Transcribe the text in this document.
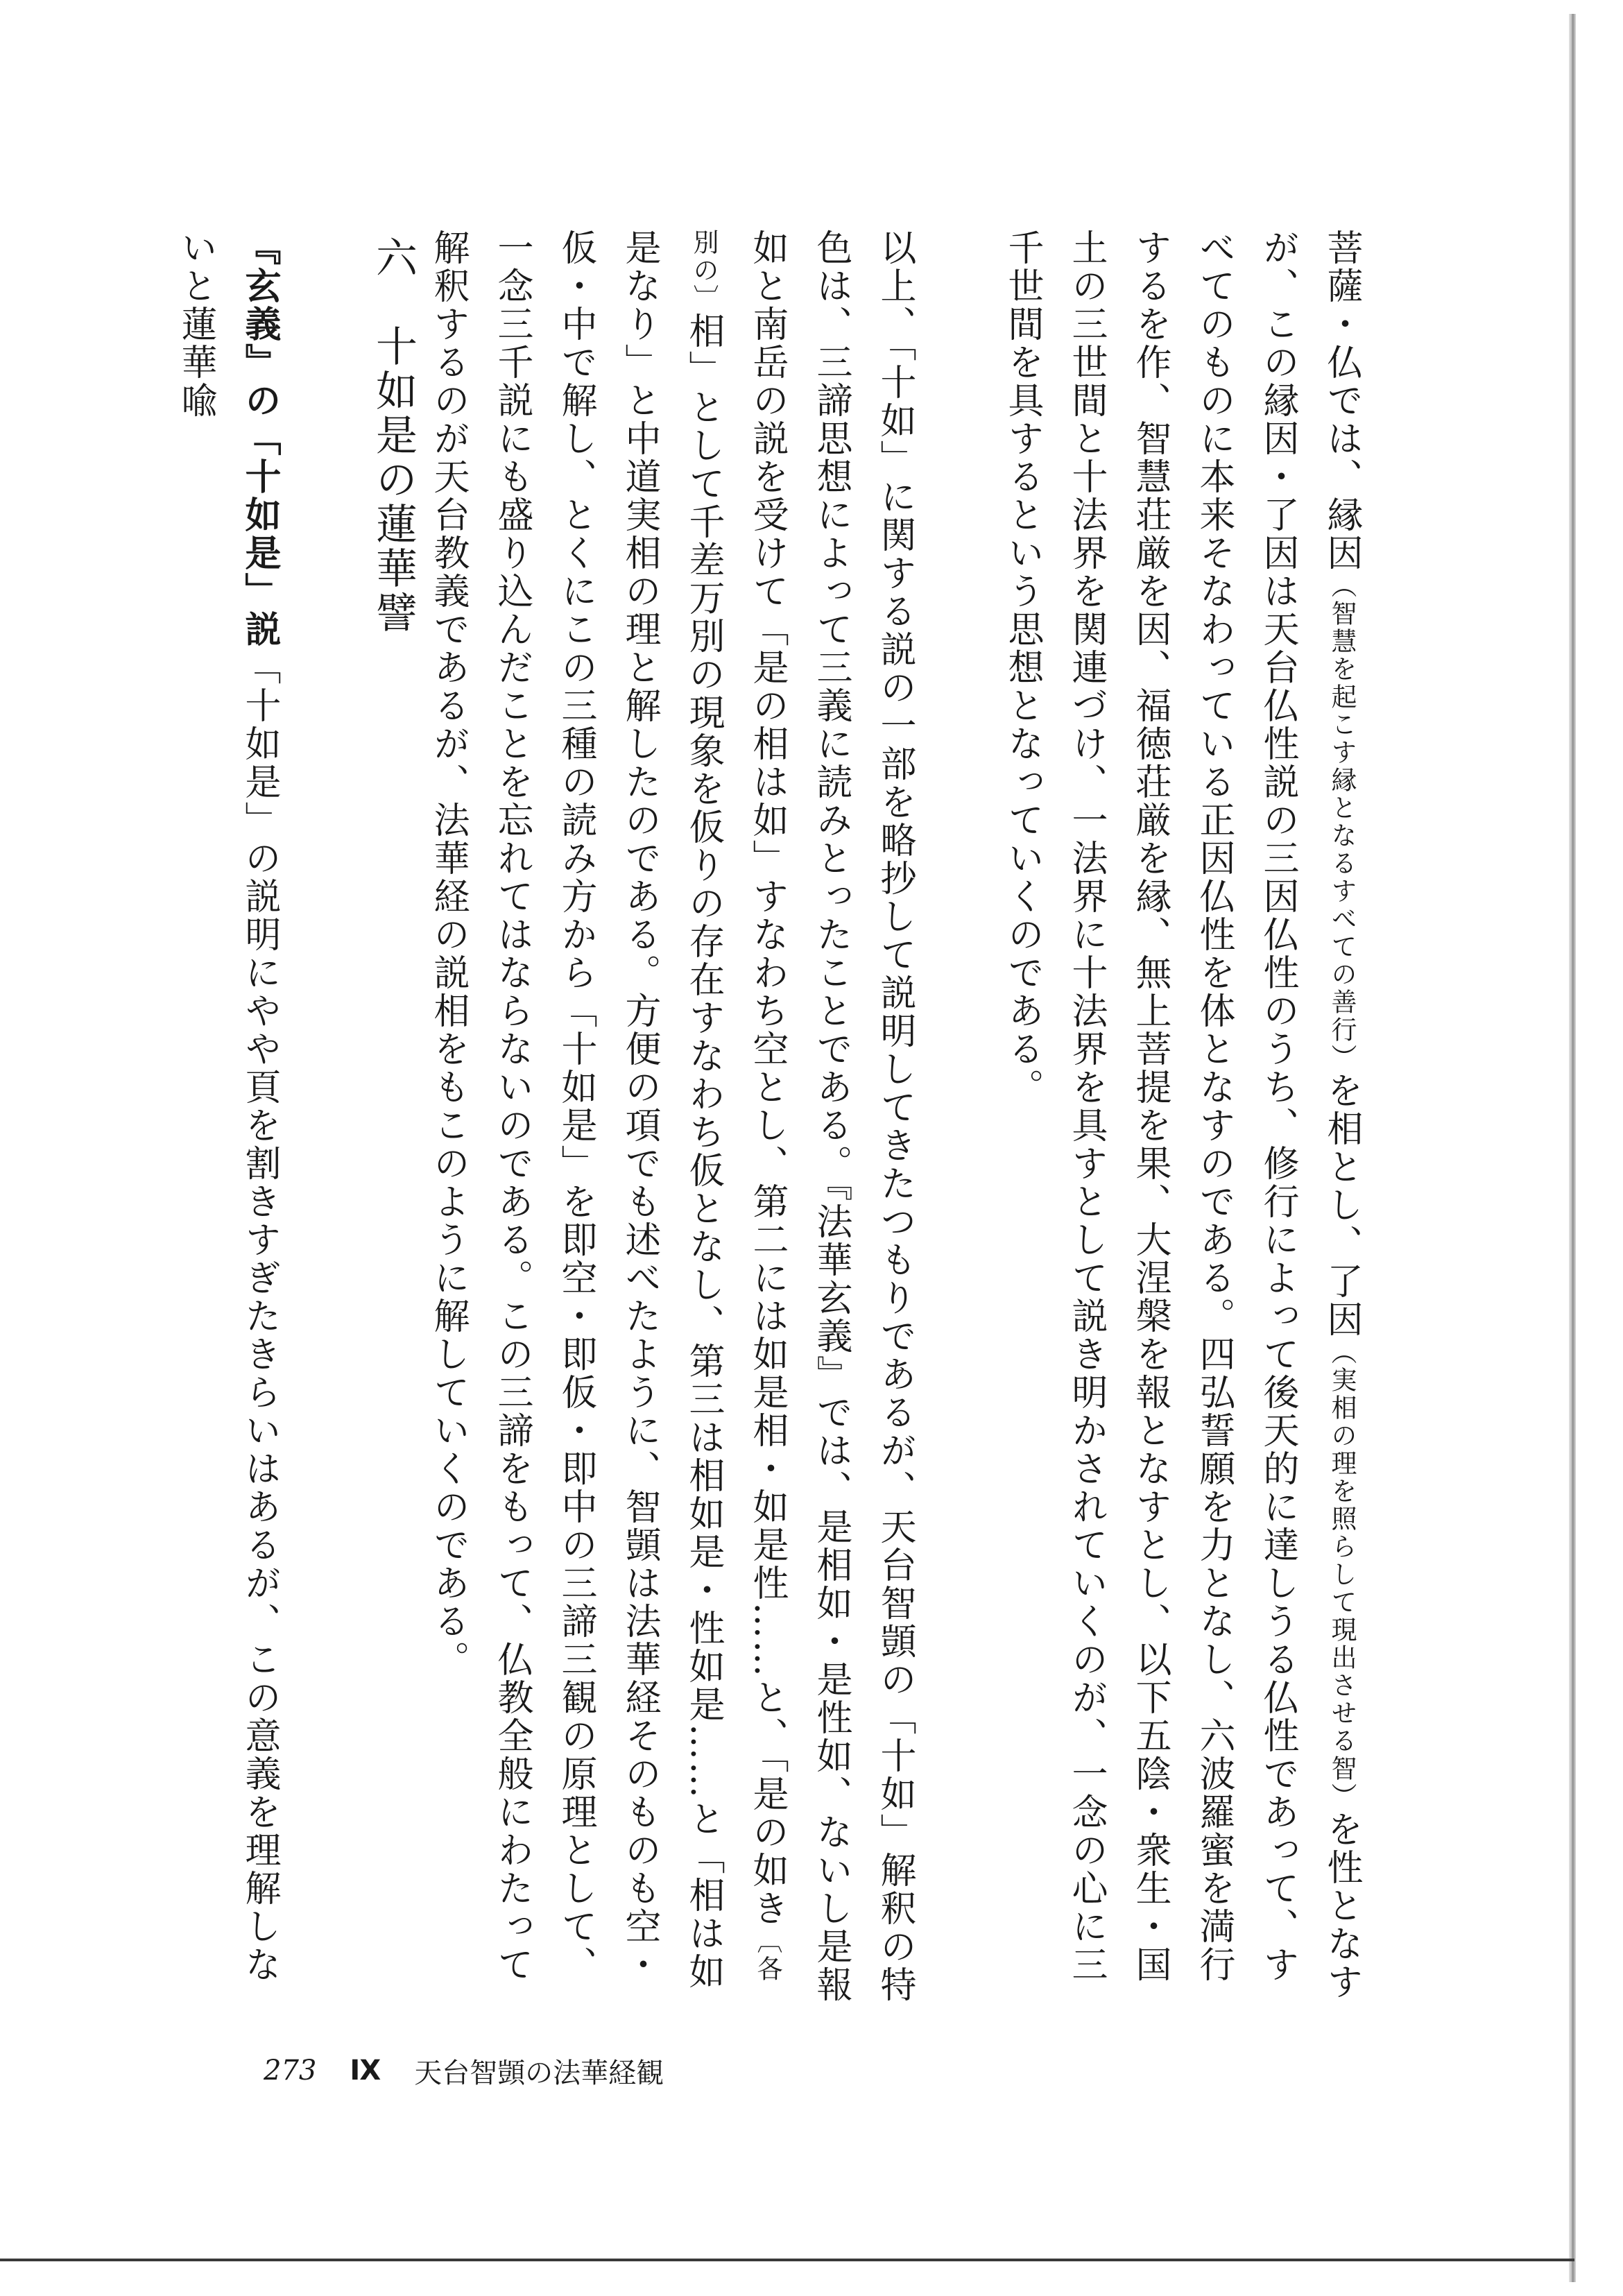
菩薩・仏では、縁因（智慧を起こす縁となるすべての善行）を相とし、了因（実相の理を照らして現出させる智）を性となすが、この縁因・了因は天台仏性説の三因仏性のうち、修行によって後天的に達しうる仏性であって、すべてのものに本来そなわっている正因仏性を体となすのである。四弘誓願を力となし、六波羅蜜を満行するを作、智慧荘厳を因、福徳荘厳を縁、無上菩提を果、大涅槃を報となすとし、以下五陰・衆生・国土の三世間と十法界を関連づけ、一法界に十法界を具すとして説き明かされていくのが、一念の心に三千世間を具するという思想となっていくのである。

以上、「十如」に関する説の一部を略抄して説明してきたつもりであるが、天台智顗の「十如」解釈の特色は、三諦思想によって三義に読みとったことである。『法華玄義』では、是相如・是性如、ないし是報如と南岳の説を受けて「是の相は如」すなわち空とし、第二には如是相・如是性……と、「是の如き〔各別の〕相」として千差万別の現象を仮りの存在すなわち仮となし、第三は相如是・性如是……と「相は如是なり」と中道実相の理と解したのである。方便の項でも述べたように、智顗は法華経そのものも空・仮・中で解し、とくにこの三種の読み方から「十如是」を即空・即仮・即中の三諦三観の原理として、一念三千説にも盛り込んだことを忘れてはならないのである。この三諦をもって、仏教全般にわたって解釈するのが天台教義であるが、法華経の説相をもこのように解していくのである。

六　十如是の蓮華譬
『玄義』の「十如是」説「十如是」の説明にやや頁を割きすぎたきらいはあるが、この意義を理解しないと蓮華喩
273 Ⅸ 天台智顗の法華経観
